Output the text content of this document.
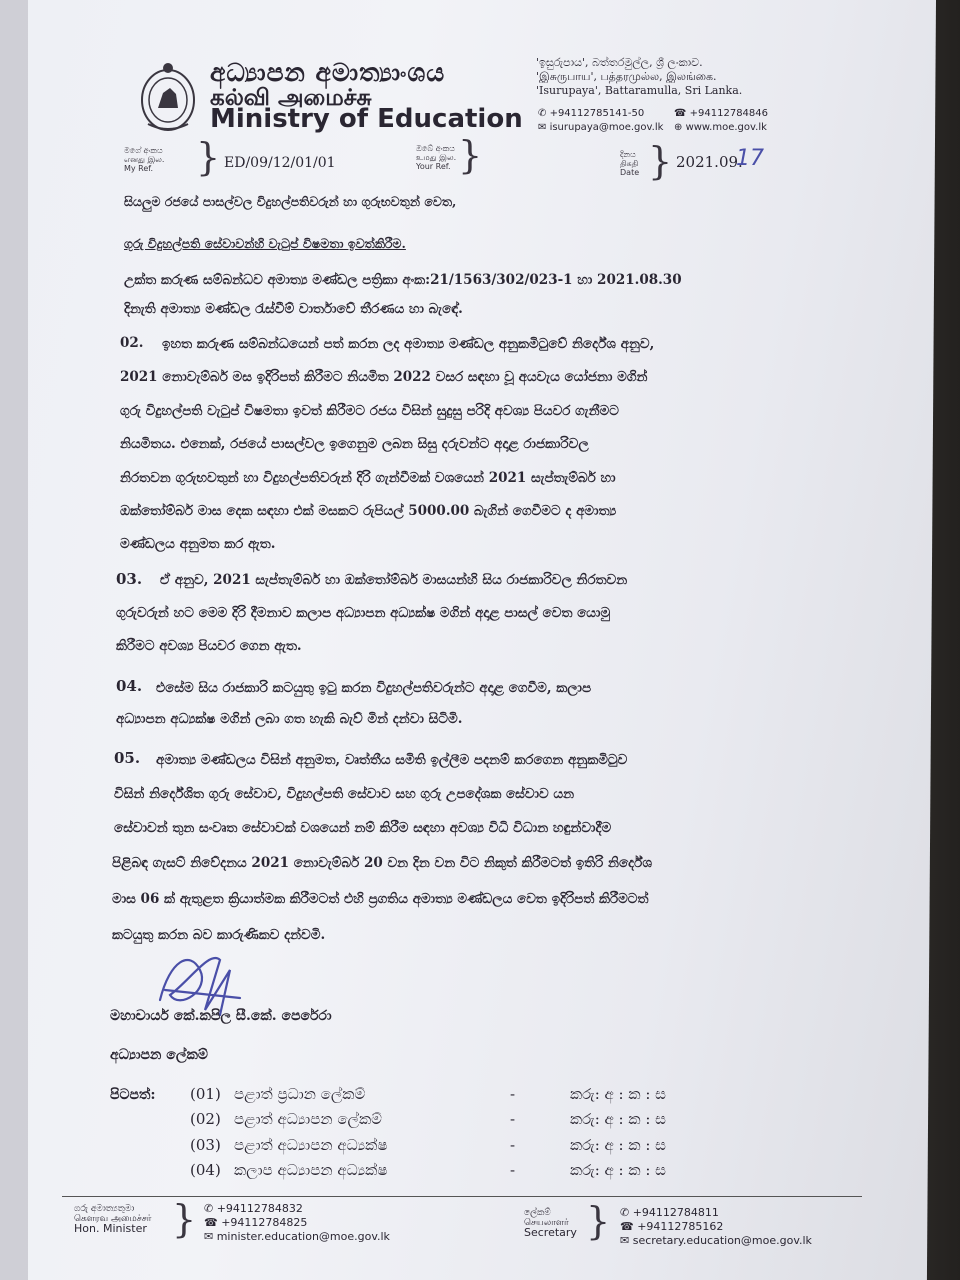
අධ්‍යාපන අමාත්‍යාංශය
கல்வி அமைச்சு
Ministry of Education
'ඉසුරුපාය', බත්තරමුල්ල, ශ්‍රී ලංකාව.
'இசுருபாய', பத்தரமுல்ல, இலங்கை.
'Isurupaya', Battaramulla, Sri Lanka.
✆ +94112785141-50	☎ +94112784846
✉ isurupaya@moe.gov.lk ⊕ www.moe.gov.lk
මගේ අංකය
எனது இல.
My Ref. } ED/09/12/01/01
ඔබේ අංකය
உமது இல.
Your Ref. }	දිනය
திகதி
Date } 2021.09.
17
සියලුම රජයේ පාසල්වල විදුහල්පතිවරුන් හා ගුරුභවතුන් වෙත,
ගුරු විදුහල්පති සේවාවන්හි වැටුප් විෂමතා ඉවත්කිරීම.
උක්ත කරුණ සම්බන්ධව අමාත්‍ය මණ්ඩල පත්‍රිකා අංක:21/1563/302/023-1 හා 2021.08.30
දිනැති අමාත්‍ය මණ්ඩල රැස්වීම් වාර්තාවේ තීරණය හා බැඳේ.
02. ඉහත කරුණ සම්බන්ධයෙන් පත් කරන ලද අමාත්‍ය මණ්ඩල අනුකමිටුවේ නිර්දේශ අනුව,
2021 නොවැම්බර් මස ඉදිරිපත් කිරීමට නියමිත 2022 වසර සඳහා වූ අයවැය යෝජනා මගින්
ගුරු විදුහල්පති වැටුප් විෂමතා ඉවත් කිරීමට රජය විසින් සුදුසු පරිදි අවශ්‍ය පියවර ගැනීමට
නියමිතය. එනෙක්, රජයේ පාසල්වල ඉගෙනුම ලබන සිසු දරුවන්ට අදාළ රාජකාරිවල
නිරතවන ගුරුභවතුන් හා විදුහල්පතිවරුන් දිරි ගැන්වීමක් වශයෙන් 2021 සැප්තැම්බර් හා
ඔක්තෝම්බර් මාස දෙක සඳහා එක් මසකට රුපියල් 5000.00 බැගින් ගෙවීමට ද අමාත්‍ය
මණ්ඩලය අනුමත කර ඇත.
03. ඒ අනුව, 2021 සැප්තැම්බර් හා ඔක්තෝම්බර් මාසයන්හි සිය රාජකාරිවල නිරතවන
ගුරුවරුන් හට මෙම දිරි දීමනාව කලාප අධ්‍යාපන අධ්‍යක්ෂ මගින් අදාළ පාසල් වෙත යොමු
කිරීමට අවශ්‍ය පියවර ගෙන ඇත.
04. එසේම සිය රාජකාරි කටයුතු ඉටු කරන විදුහල්පතිවරුන්ට අදාළ ගෙවීම, කලාප
අධ්‍යාපන අධ්‍යක්ෂ මගින් ලබා ගත හැකි බැව් මින් දන්වා සිටිමි.
05. අමාත්‍ය මණ්ඩලය විසින් අනුමත, වෘත්තීය සමිති ඉල්ලීම පදනම් කරගෙන අනුකමිටුව
විසින් නිර්දේශිත ගුරු සේවාව, විදුහල්පති සේවාව සහ ගුරු උපදේශක සේවාව යන
සේවාවන් තුන සංවෘත සේවාවක් වශයෙන් නම් කිරීම සඳහා අවශ්‍ය විධි විධාන හඳුන්වාදීම
පිළිබඳ ගැසට් නිවේදනය 2021 නොවැම්බර් 20 වන දින වන විට නිකුත් කිරීමටත් ඉතිරි නිර්දේශ
මාස 06 ක් ඇතුළත ක්‍රියාත්මක කිරීමටත් එහි ප්‍රගතිය අමාත්‍ය මණ්ඩලය වෙත ඉදිරිපත් කිරීමටත්
කටයුතු කරන බව කාරුණිකව දන්වමි.
මහාචාර්ය කේ.කපිල සී.කේ. පෙරේරා
අධ්‍යාපන ලේකම්
පිටපත්: (01) පළාත් ප්‍රධාන ලේකම්	-	කරු: අ : ක : ස
(02) පළාත් අධ්‍යාපන ලේකම්	-	කරු: අ : ක : ස
(03) පළාත් අධ්‍යාපන අධ්‍යක්ෂ	-	කරු: අ : ක : ස
(04) කලාප අධ්‍යාපන අධ්‍යක්ෂ	-	කරු: අ : ක : ස
ගරු අමාත්‍යතුමා
கௌரவ அமைச்சர்
Hon. Minister } ✆ +94112784832
☎ +94112784825
✉ minister.education@moe.gov.lk
ලේකම්
செயலாளர்
Secretary } ✆ +94112784811
☎ +94112785162
✉ secretary.education@moe.gov.lk
